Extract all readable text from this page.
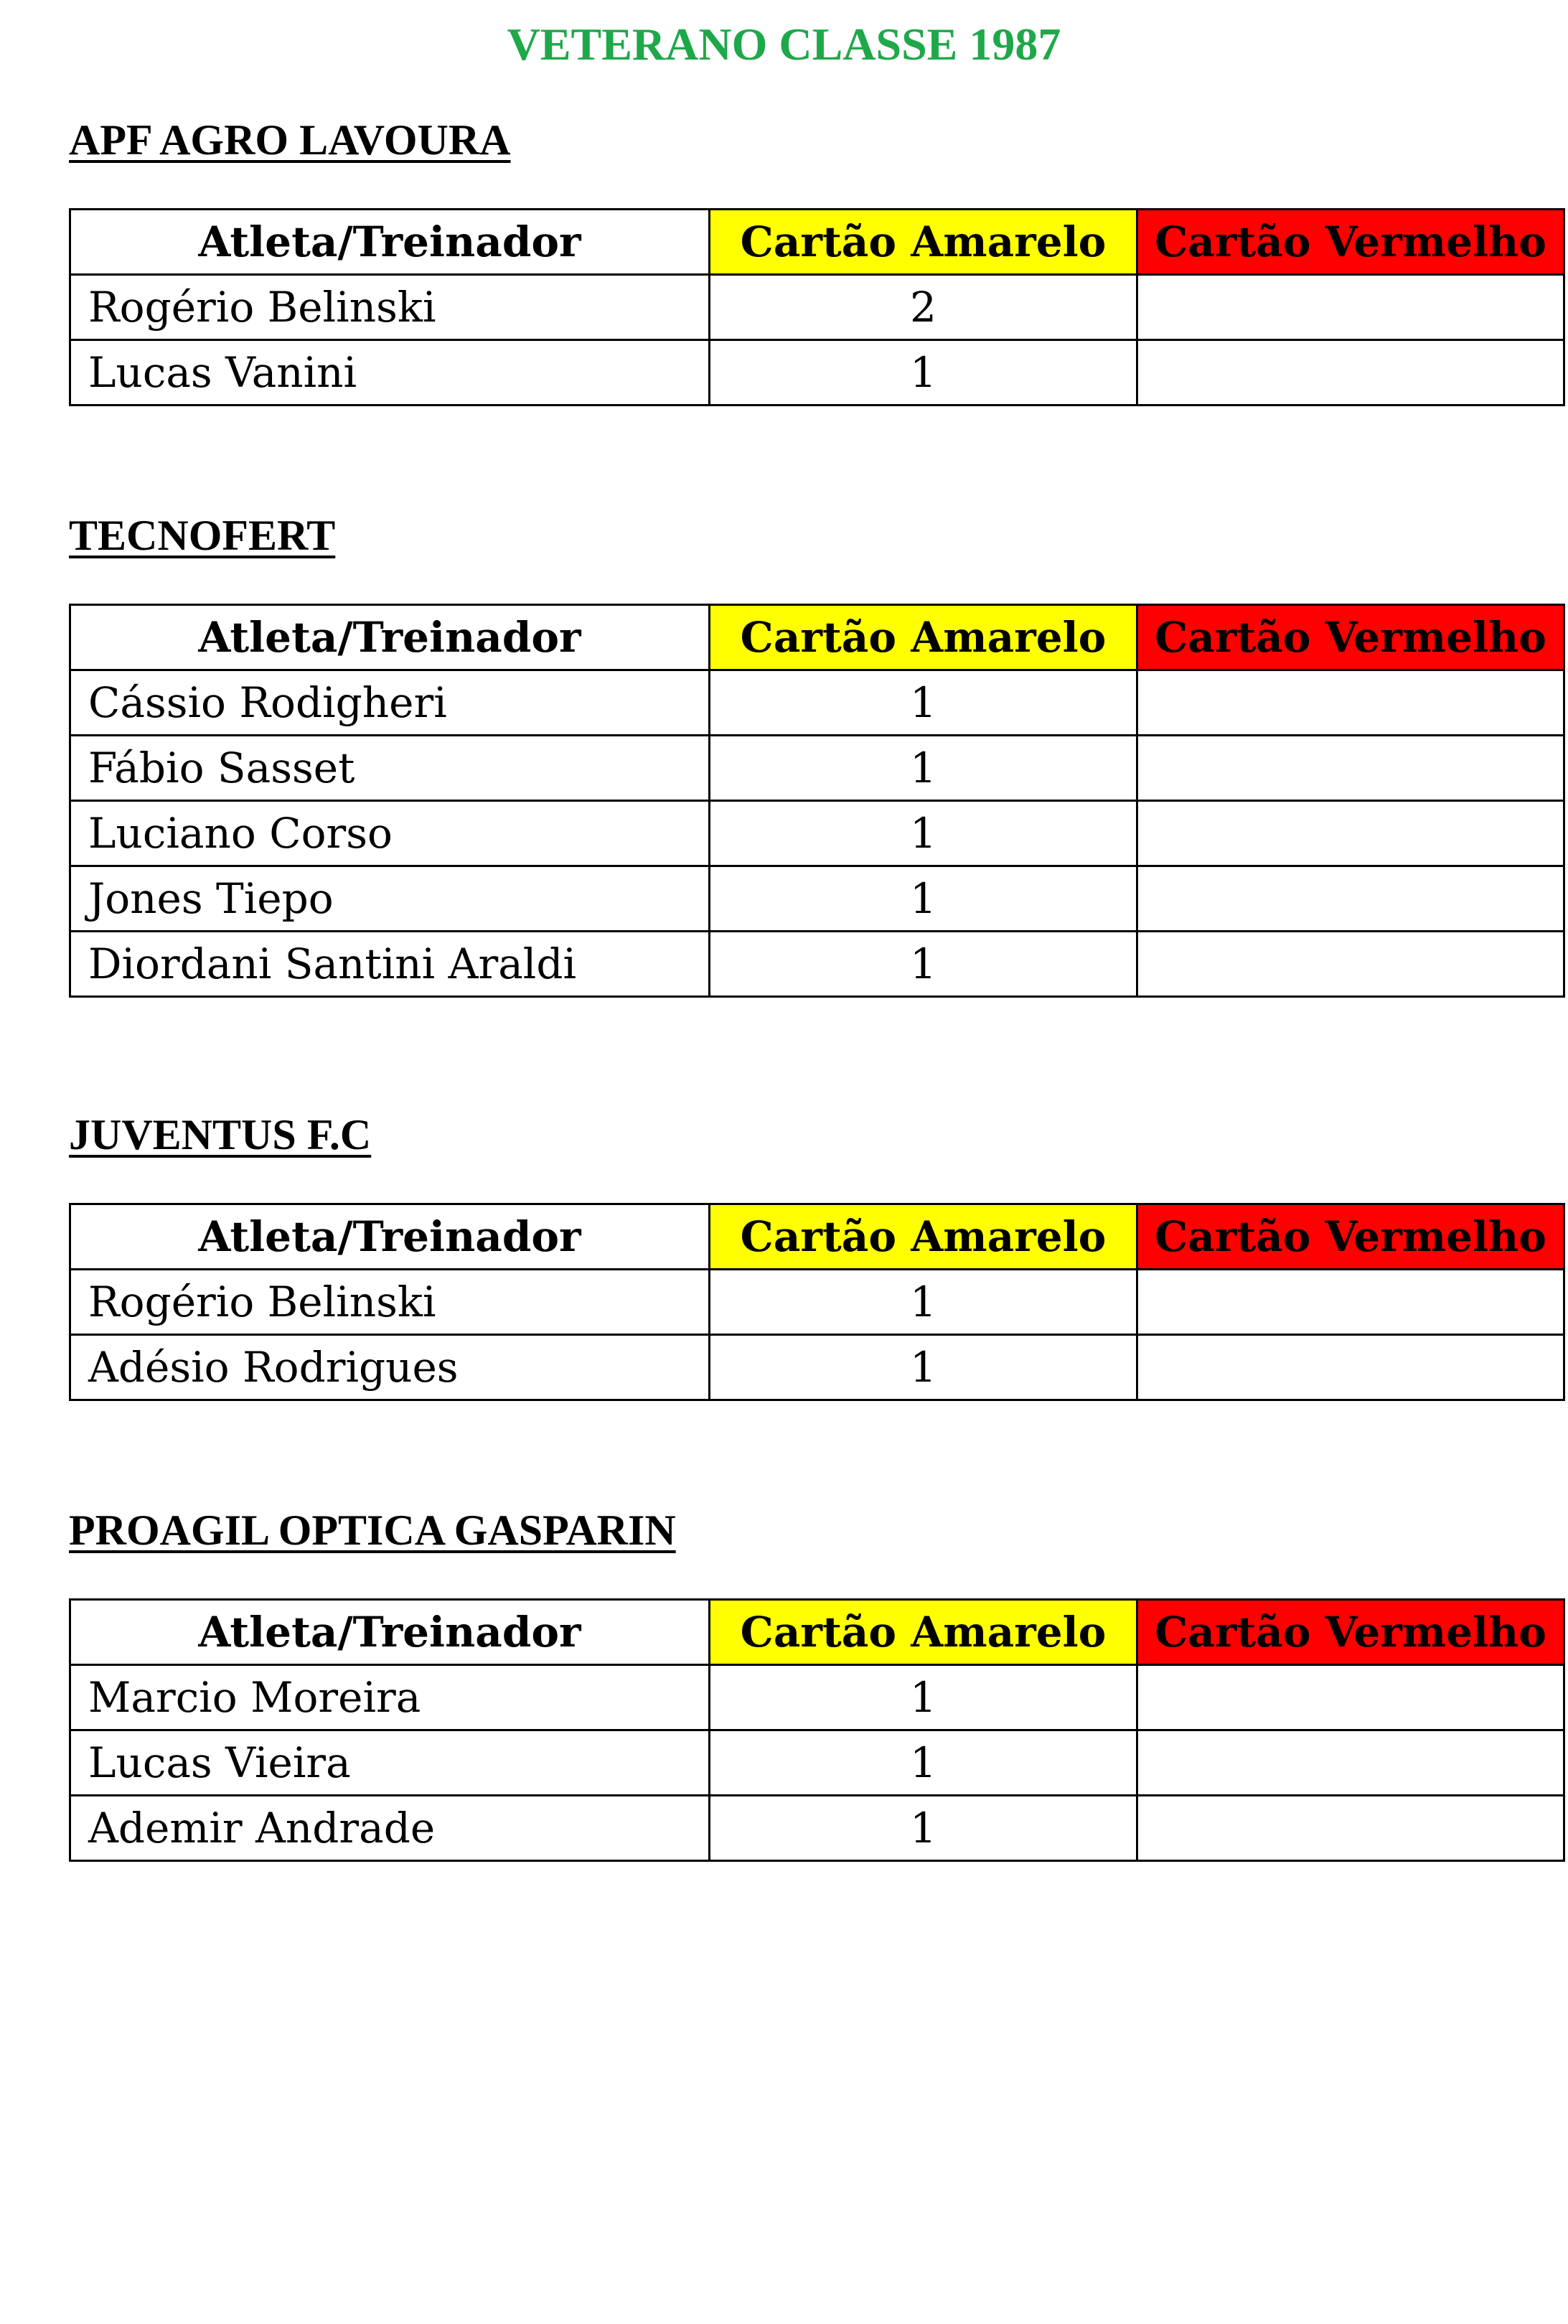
VETERANO CLASSE 1987
APF AGRO LAVOURA
Atleta/Treinador	Cartão Amarelo	Cartão Vermelho
Rogério Belinski	2	
Lucas Vanini	1	
TECNOFERT
Atleta/Treinador	Cartão Amarelo	Cartão Vermelho
Cássio Rodigheri	1	
Fábio Sasset	1	
Luciano Corso	1	
Jones Tiepo	1	
Diordani Santini Araldi	1	
JUVENTUS F.C
Atleta/Treinador	Cartão Amarelo	Cartão Vermelho
Rogério Belinski	1	
Adésio Rodrigues	1	
PROAGIL OPTICA GASPARIN
Atleta/Treinador	Cartão Amarelo	Cartão Vermelho
Marcio Moreira	1	
Lucas Vieira	1	
Ademir Andrade	1	
